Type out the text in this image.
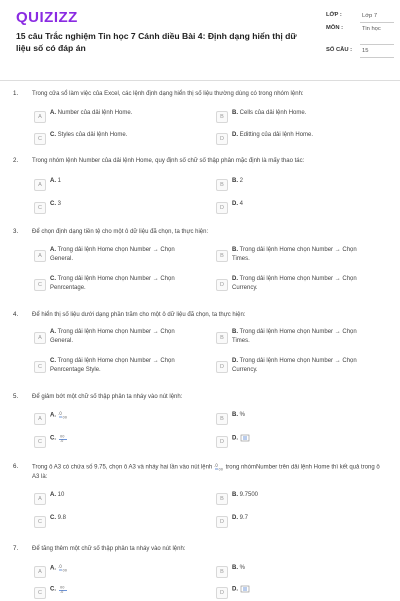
QUIZIZZ
15 câu Trắc nghiệm Tin học 7 Cánh diều Bài 4: Định dạng hiển thị dữ liệu số có đáp án
LỚP :	Lớp 7
MÔN :	Tin học
SỐ CÂU : 15
1. Trong cửa sổ làm việc của Excel, các lệnh định dạng hiển thị số liệu thường dùng có trong nhóm lệnh:
A
A. Number của dải lệnh Home.
B
B. Cells của dải lệnh Home.
C
C. Styles của dải lệnh Home.
D
D. Editting của dải lệnh Home.
2. Trong nhóm lệnh Number của dải lệnh Home, quy định số chữ số thập phân mặc định là mấy thao tác:
A
A. 1
B
B. 2
C
C. 3
D
D. 4
3. Để chọn định dạng tiền tệ cho một ô dữ liệu đã chọn, ta thực hiện:
A
A. Trong dải lệnh Home chọn Number → Chọn General.	B
B. Trong dải lệnh Home chọn Number → Chọn Times.
C
C. Trong dải lệnh Home chọn Number → Chọn Penrcentage.	D
D. Trong dải lệnh Home chọn Number → Chọn Currency.
4. Để hiển thị số liệu dưới dạng phần trăm cho một ô dữ liệu đã chọn, ta thực hiện:
A
A. Trong dải lệnh Home chọn Number → Chọn General.	B
B. Trong dải lệnh Home chọn Number → Chọn Times.
C
C. Trong dải lệnh Home chọn Number → Chọn Penrcentage Style.	D
D. Trong dải lệnh Home chọn Number → Chọn Currency.
5. Để giảm bớt một chữ số thập phân ta nháy vào nút lệnh:
A
A. .0
00	B
B. %
C
C. 00
.0	D
D.
6. Trong ô A3 có chứa số 9.75, chọn ô A3 và nháy hai lần vào nút lệnh .0
00 trong nhómNumber trên dải lệnh Home thì kết quả trong ô A3 là:
A
A. 10
B
B. 9.7500
C
C. 9.8
D
D. 9.7
7. Để tăng thêm một chữ số thập phân ta nháy vào nút lệnh:
A
A. .0
00	B
B. %
C
C. 00
.0	D
D.
